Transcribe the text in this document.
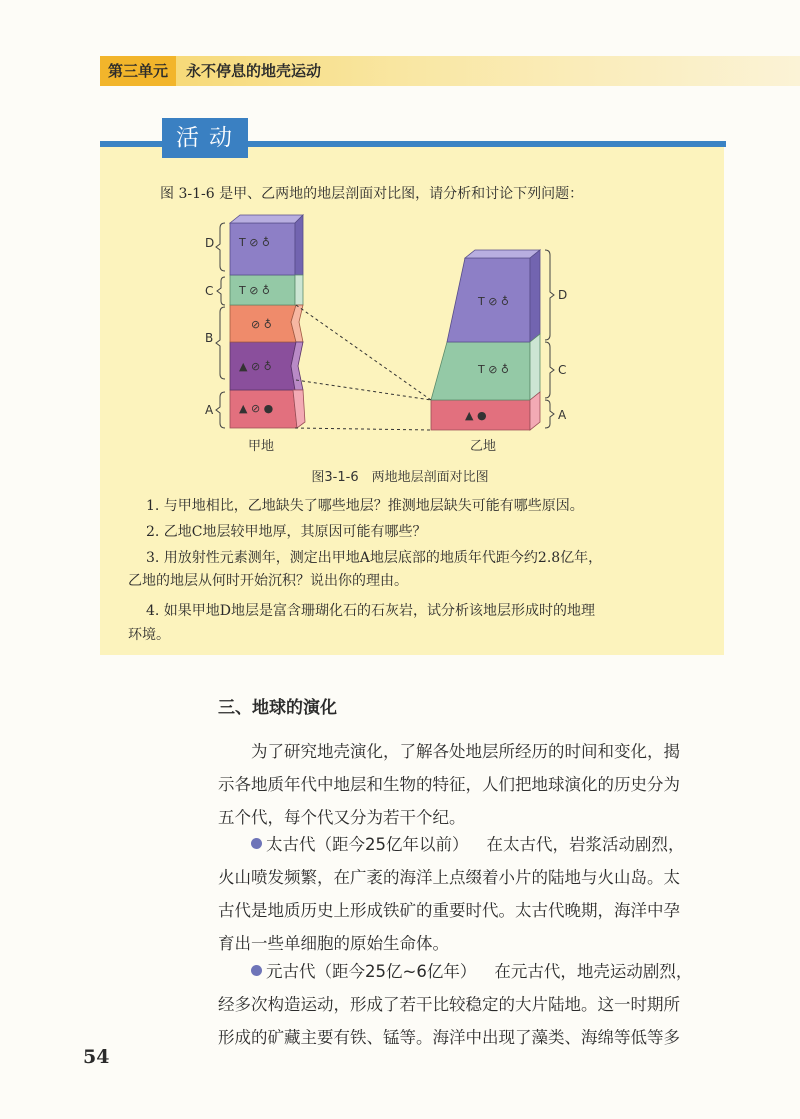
第三单元	永不停息的地壳运动
活动
图 3-1-6 是甲、乙两地的地层剖面对比图，请分析和讨论下列问题：
T ⊘ ♁
T ⊘ ♁
⊘ ♁
▲ ⊘ ♁
▲ ⊘ ●
D
C
B
A
T ⊘ ♁
T ⊘ ♁
▲ ●
D
C
A
甲地	乙地
图3-1-6　两地地层剖面对比图
1. 与甲地相比，乙地缺失了哪些地层？推测地层缺失可能有哪些原因。
2. 乙地C地层较甲地厚，其原因可能有哪些？
3. 用放射性元素测年，测定出甲地A地层底部的地质年代距今约2.8亿年，
乙地的地层从何时开始沉积？说出你的理由。
4. 如果甲地D地层是富含珊瑚化石的石灰岩，试分析该地层形成时的地理
环境。
三、地球的演化
为了研究地壳演化，了解各处地层所经历的时间和变化，揭
示各地质年代中地层和生物的特征，人们把地球演化的历史分为
五个代，每个代又分为若干个纪。
太古代（距今25亿年以前） 在太古代，岩浆活动剧烈，
火山喷发频繁，在广袤的海洋上点缀着小片的陆地与火山岛。太
古代是地质历史上形成铁矿的重要时代。太古代晚期，海洋中孕
育出一些单细胞的原始生命体。
元古代（距今25亿~6亿年） 在元古代，地壳运动剧烈，
经多次构造运动，形成了若干比较稳定的大片陆地。这一时期所
形成的矿藏主要有铁、锰等。海洋中出现了藻类、海绵等低等多
54
